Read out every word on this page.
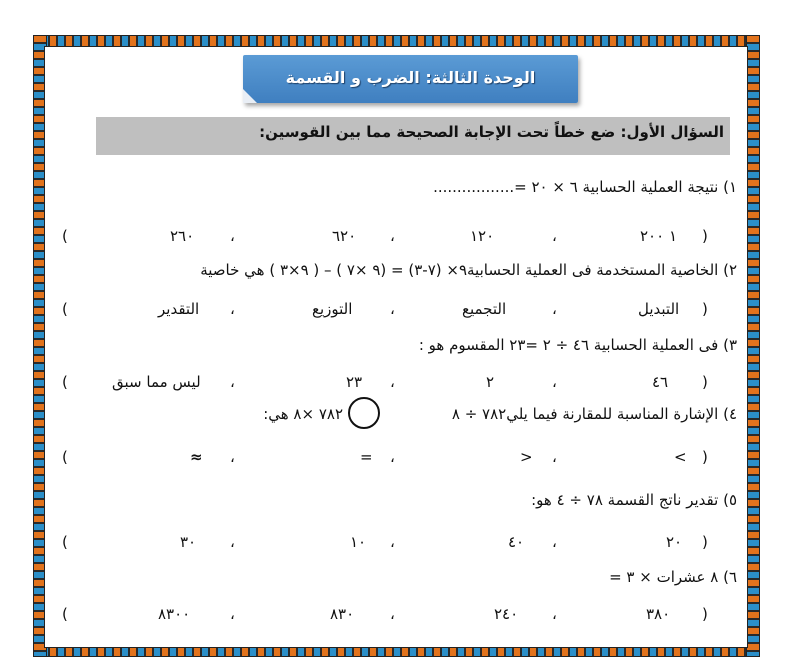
الوحدة الثالثة: الضرب و القسمة
السؤال الأول: ضع خطاً تحت الإجابة الصحيحة مما بين القوسين:
١) نتيجة العملية الحسابية ٦ × ٢٠ =.................
)
١ ٢٠٠
،
١٢٠
،
٦٢٠
،
٢٦٠
(
٢) الخاصية المستخدمة فى العملية الحسابية٩× (٧-٣) = (٩ ×٧ ) – ( ٩×٣ ) هي خاصية
)
التبديل
،
التجميع
،
التوزيع
،
التقدير
(
٣) فى العملية الحسابية ٤٦ ÷ ٢ =٢٣ المقسوم هو :
)
٤٦
،
٢
،
٢٣
،
ليس مما سبق
(
٤) الإشارة المناسبة للمقارنة فيما يلي٧٨٢ ÷ ٨
٧٨٢ ×٨ هي:
)
<
،
>
،
=
،
≈
(
٥) تقدير ناتج القسمة ٧٨ ÷ ٤ هو:
)
٢٠
،
٤٠
،
١٠
،
٣٠
(
٦) ٨ عشرات × ٣ =
)
٣٨٠
،
٢٤٠
،
٨٣٠
،
٨٣٠٠
(
